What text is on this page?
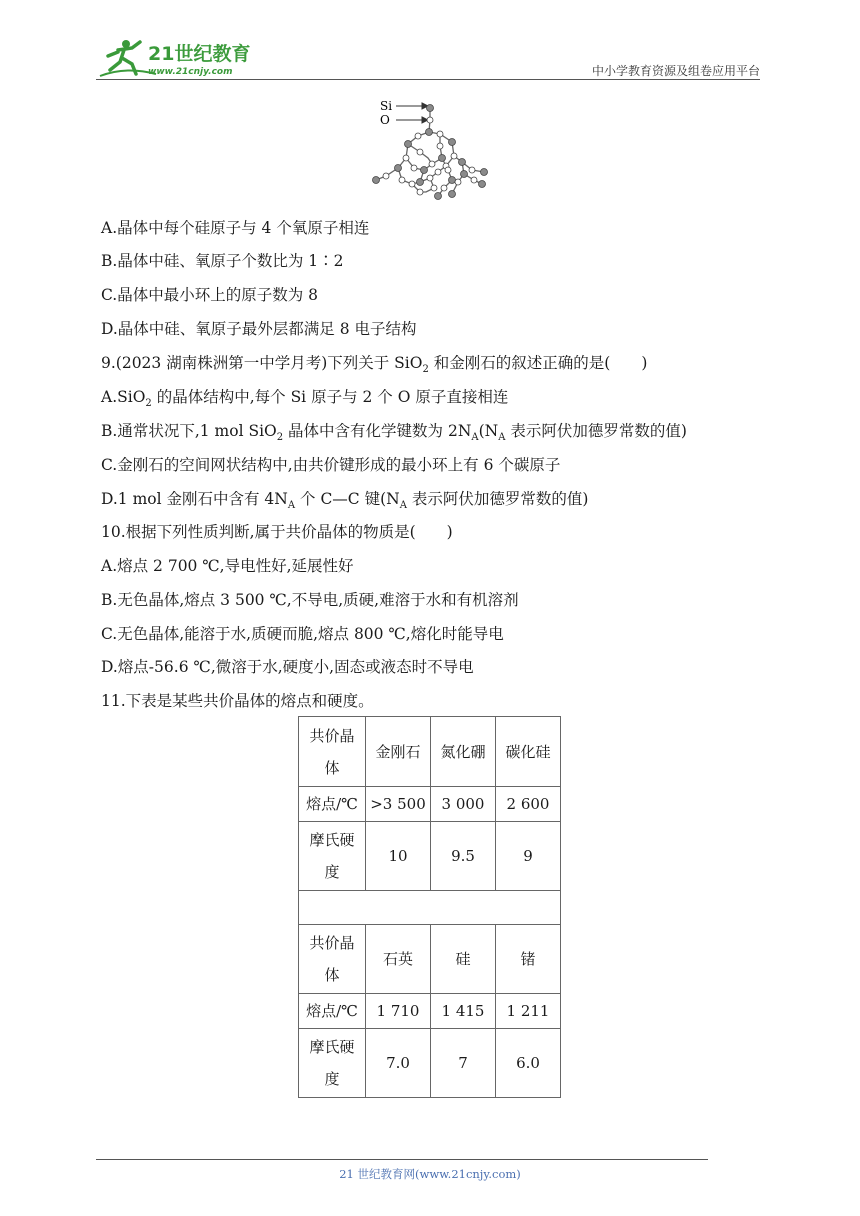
21世纪教育
www.21cnjy.com	中小学教育资源及组卷应用平台
Si
O
A.晶体中每个硅原子与 4 个氧原子相连
B.晶体中硅、氧原子个数比为 1∶2
C.晶体中最小环上的原子数为 8
D.晶体中硅、氧原子最外层都满足 8 电子结构
9.(2023 湖南株洲第一中学月考)下列关于 SiO$_2$ 和金刚石的叙述正确的是(　　)
A.SiO$_2$ 的晶体结构中,每个 Si 原子与 2 个 O 原子直接相连
B.通常状况下,1 mol SiO$_2$ 晶体中含有化学键数为 $2N_A(N_A$ 表示阿伏加德罗常数的值)
C.金刚石的空间网状结构中,由共价键形成的最小环上有 6 个碳原子
D.1 mol 金刚石中含有 $4N_A$ 个 C—C 键($N_A$ 表示阿伏加德罗常数的值)
10.根据下列性质判断,属于共价晶体的物质是(　　)
A.熔点 2 700 ℃,导电性好,延展性好
B.无色晶体,熔点 3 500 ℃,不导电,质硬,难溶于水和有机溶剂
C.无色晶体,能溶于水,质硬而脆,熔点 800 ℃,熔化时能导电
D.熔点-56.6 ℃,微溶于水,硬度小,固态或液态时不导电
11.下表是某些共价晶体的熔点和硬度。
共价晶体	金刚石	氮化硼	碳化硅
熔点/℃	>3 500	3 000	2 600
摩氏硬度	10	9.5	9

共价晶体	石英	硅	锗
熔点/℃	1 710	1 415	1 211
摩氏硬度	7.0	7	6.0
21 世纪教育网(www.21cnjy.com)
